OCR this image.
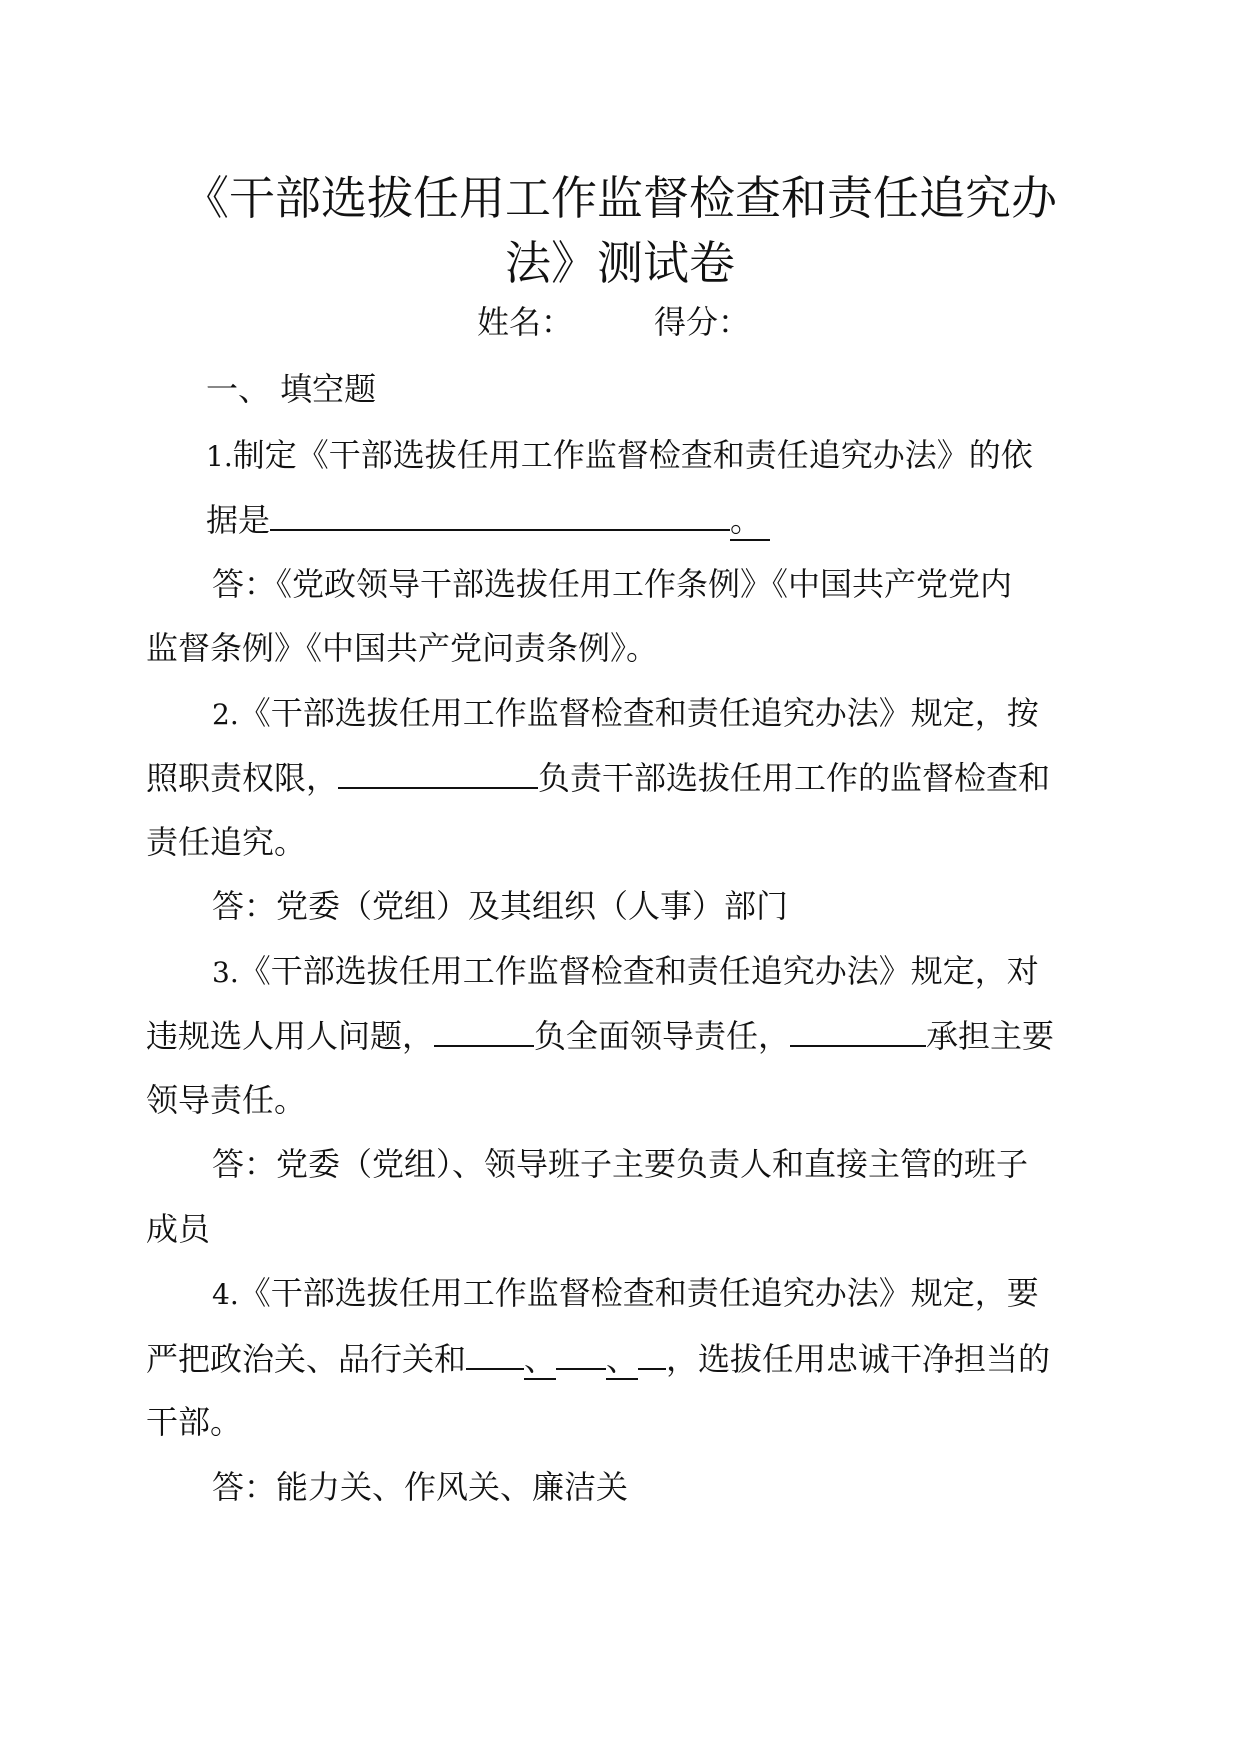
《干部选拔任用工作监督检查和责任追究办
法》测试卷
姓名：	得分：
一、 填空题
1.制定《干部选拔任用工作监督检查和责任追究办法》的依
据是	。
答：《党政领导干部选拔任用工作条例》《中国共产党党内
监督条例》《中国共产党问责条例》。
2.《干部选拔任用工作监督检查和责任追究办法》规定，按
照职责权限，	负责干部选拔任用工作的监督检查和
责任追究。
答：党委（党组）及其组织（人事）部门
3.《干部选拔任用工作监督检查和责任追究办法》规定，对
违规选人用人问题，	负全面领导责任，	承担主要
领导责任。
答：党委（党组）、领导班子主要负责人和直接主管的班子
成员
4.《干部选拔任用工作监督检查和责任追究办法》规定，要
严把政治关、品行关和 、 、 ，选拔任用忠诚干净担当的
干部。
答：能力关、作风关、廉洁关
